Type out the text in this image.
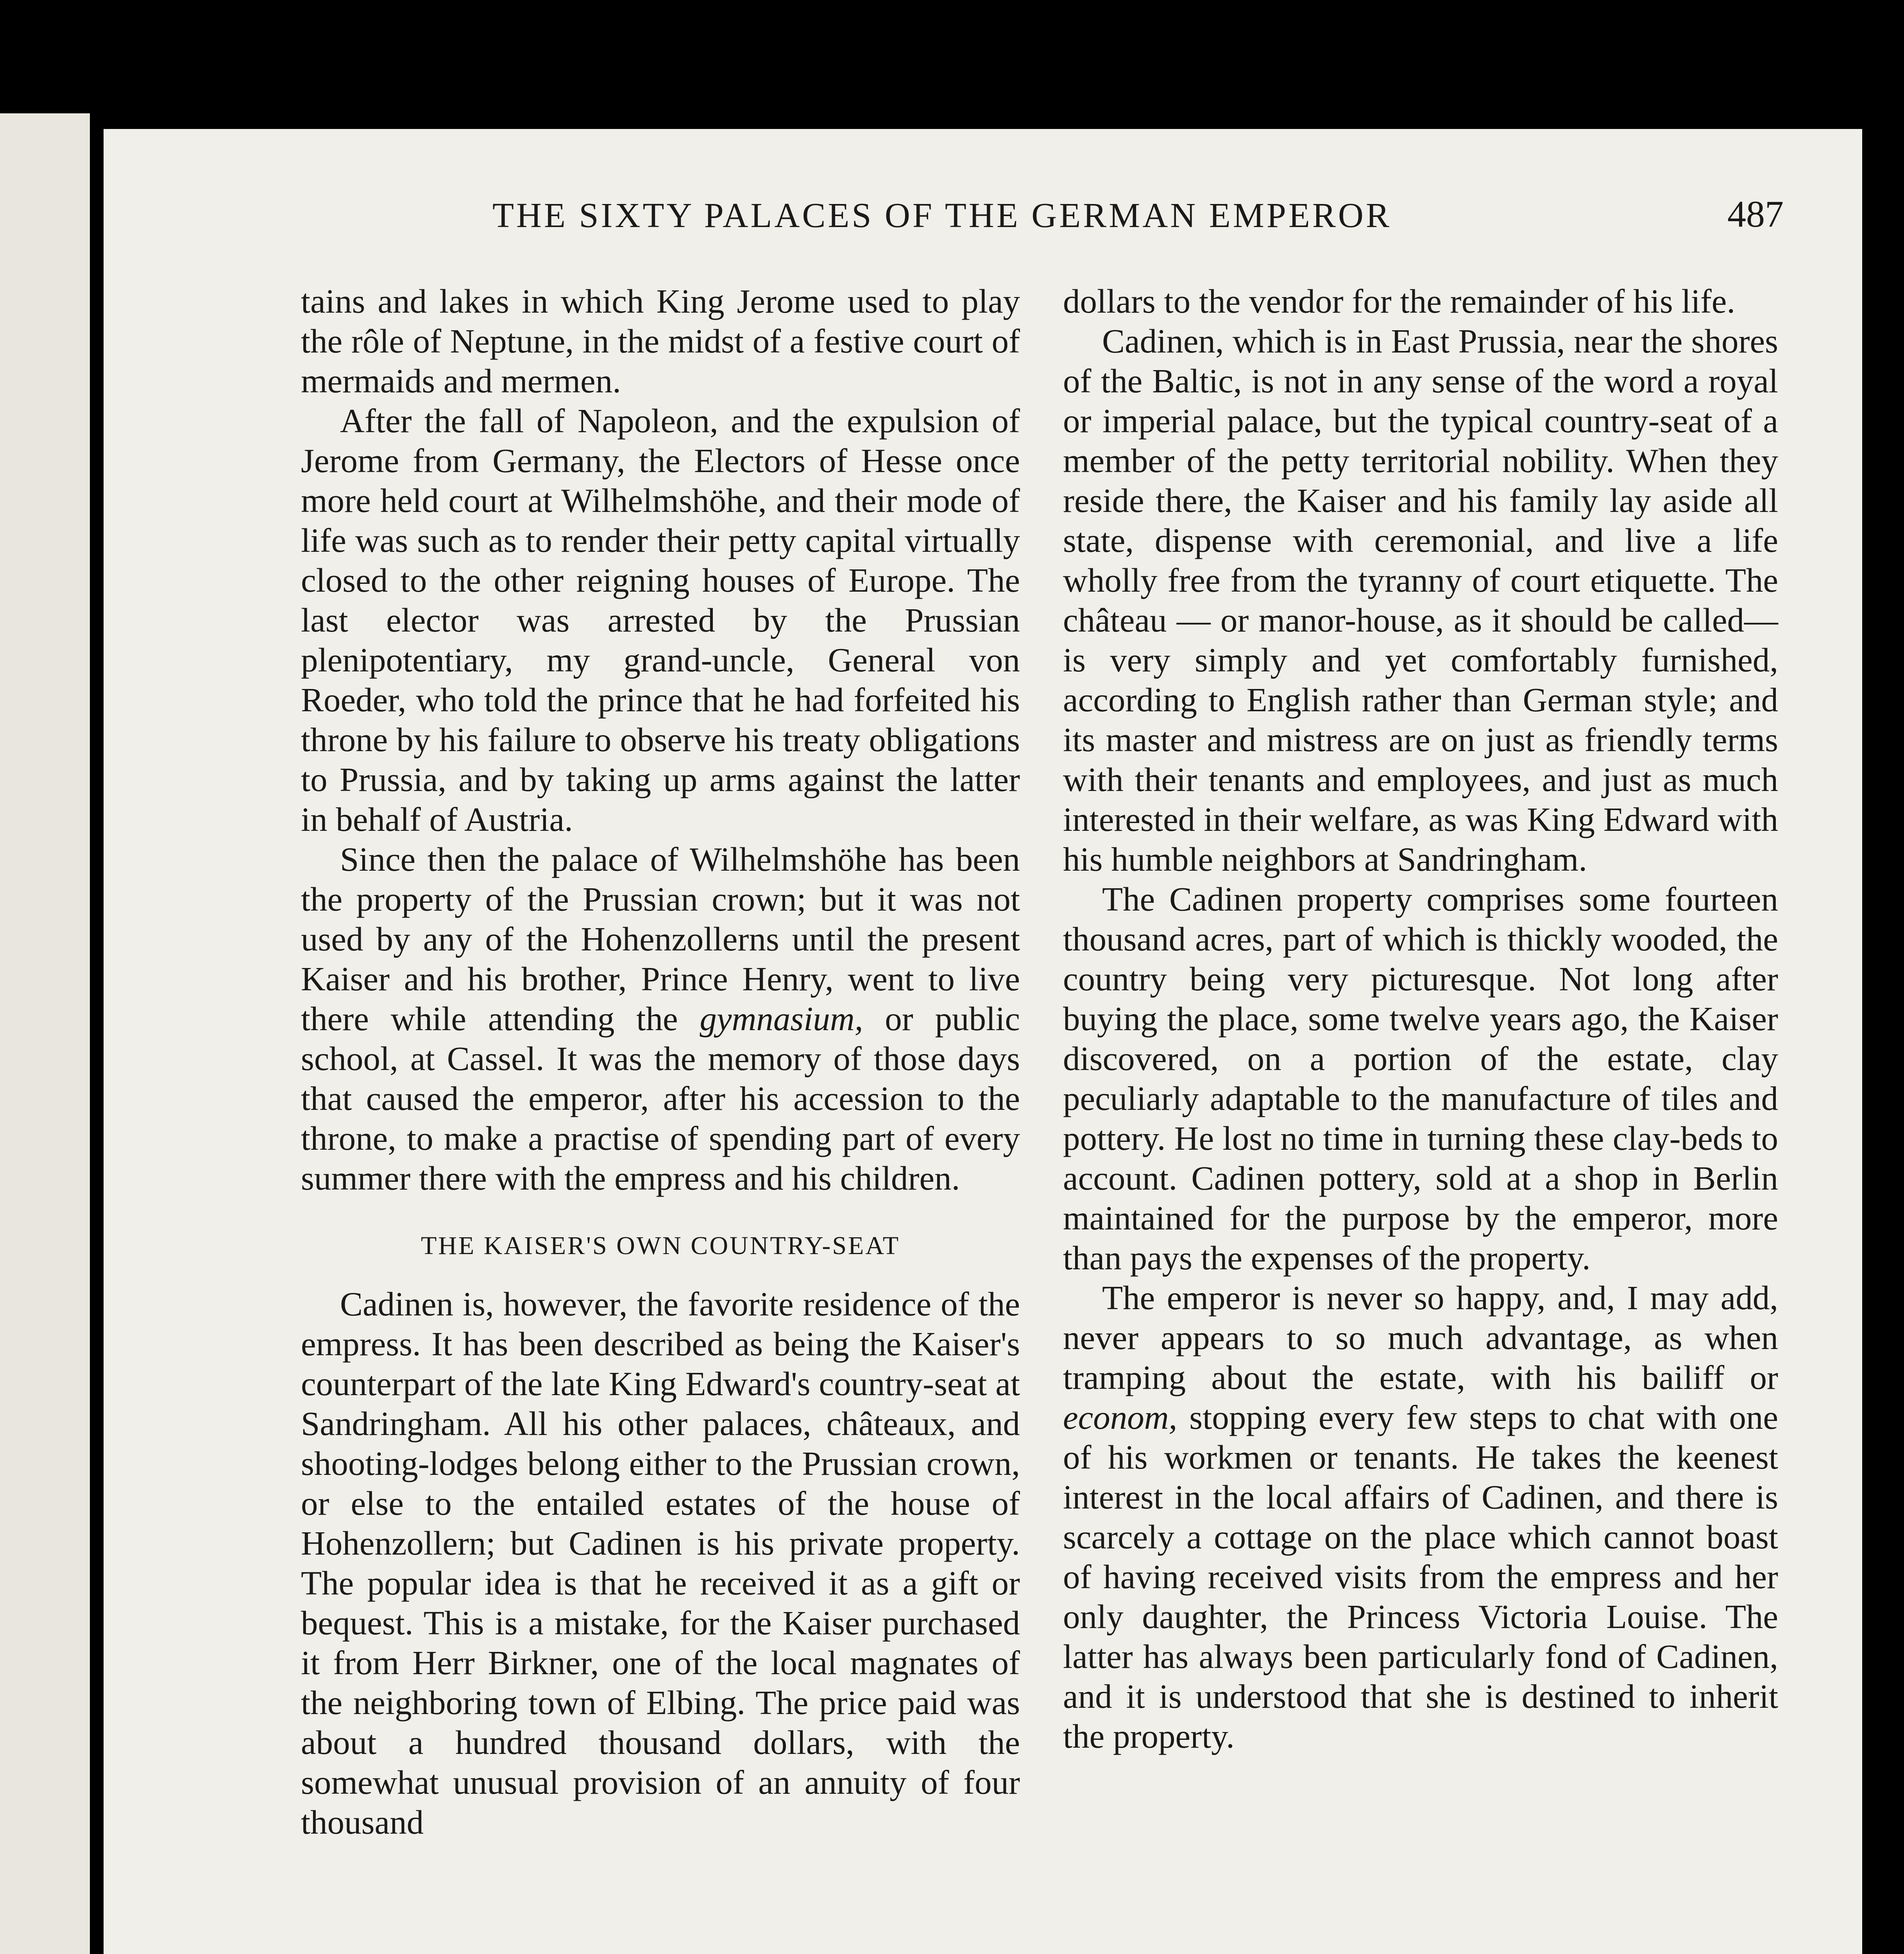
THE SIXTY PALACES OF THE GERMAN EMPEROR	487

tains and lakes in which King Jerome used to play the rôle of Neptune, in the midst of a festive court of mermaids and mermen.

After the fall of Napoleon, and the expulsion of Jerome from Germany, the Electors of Hesse once more held court at Wilhelmshöhe, and their mode of life was such as to render their petty capital virtually closed to the other reigning houses of Europe. The last elector was arrested by the Prussian plenipotentiary, my grand-uncle, General von Roeder, who told the prince that he had forfeited his throne by his failure to observe his treaty obligations to Prussia, and by taking up arms against the latter in behalf of Austria.

Since then the palace of Wilhelmshöhe has been the property of the Prussian crown; but it was not used by any of the Hohenzollerns until the present Kaiser and his brother, Prince Henry, went to live there while attending the gymnasium, or public school, at Cassel. It was the memory of those days that caused the emperor, after his accession to the throne, to make a practise of spending part of every summer there with the empress and his children.

THE KAISER'S OWN COUNTRY-SEAT

Cadinen is, however, the favorite residence of the empress. It has been described as being the Kaiser's counterpart of the late King Edward's country-seat at Sandringham. All his other palaces, châteaux, and shooting-lodges belong either to the Prussian crown, or else to the entailed estates of the house of Hohenzollern; but Cadinen is his private property. The popular idea is that he received it as a gift or bequest. This is a mistake, for the Kaiser purchased it from Herr Birkner, one of the local magnates of the neighboring town of Elbing. The price paid was about a hundred thousand dollars, with the somewhat unusual provision of an annuity of four thousand

dollars to the vendor for the remainder of his life.

Cadinen, which is in East Prussia, near the shores of the Baltic, is not in any sense of the word a royal or imperial palace, but the typical country-seat of a member of the petty territorial nobility. When they reside there, the Kaiser and his family lay aside all state, dispense with ceremonial, and live a life wholly free from the tyranny of court etiquette. The château — or manor-house, as it should be called—is very simply and yet comfortably furnished, according to English rather than German style; and its master and mistress are on just as friendly terms with their tenants and employees, and just as much interested in their welfare, as was King Edward with his humble neighbors at Sandringham.

The Cadinen property comprises some fourteen thousand acres, part of which is thickly wooded, the country being very picturesque. Not long after buying the place, some twelve years ago, the Kaiser discovered, on a portion of the estate, clay peculiarly adaptable to the manufacture of tiles and pottery. He lost no time in turning these clay-beds to account. Cadinen pottery, sold at a shop in Berlin maintained for the purpose by the emperor, more than pays the expenses of the property.

The emperor is never so happy, and, I may add, never appears to so much advantage, as when tramping about the estate, with his bailiff or econom, stopping every few steps to chat with one of his workmen or tenants. He takes the keenest interest in the local affairs of Cadinen, and there is scarcely a cottage on the place which cannot boast of having received visits from the empress and her only daughter, the Princess Victoria Louise. The latter has always been particularly fond of Cadinen, and it is understood that she is destined to inherit the property.
